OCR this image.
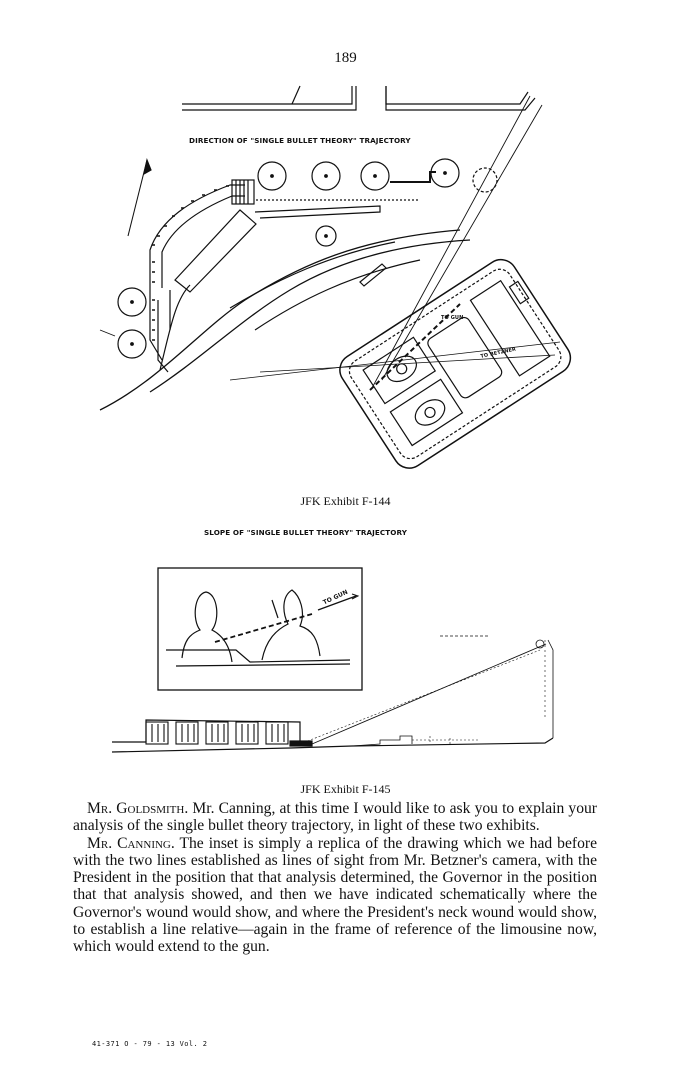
189
DIRECTION OF "SINGLE BULLET THEORY" TRAJECTORY
TO GUN
TO BETZNER
JFK Exhibit F-144
SLOPE OF "SINGLE BULLET THEORY" TRAJECTORY
TO GUN
JFK Exhibit F-145

Mr. Goldsmith. Mr. Canning, at this time I would like to ask you to explain your analysis of the single bullet theory trajectory, in light of these two exhibits.

Mr. Canning. The inset is simply a replica of the drawing which we had before with the two lines established as lines of sight from Mr. Betzner's camera, with the President in the position that that analysis determined, the Governor in the position that that analysis showed, and then we have indicated schematically where the Governor's wound would show, and where the President's neck wound would show, to establish a line relative—again in the frame of reference of the limousine now, which would extend to the gun.

41-371 O - 79 - 13 Vol. 2
